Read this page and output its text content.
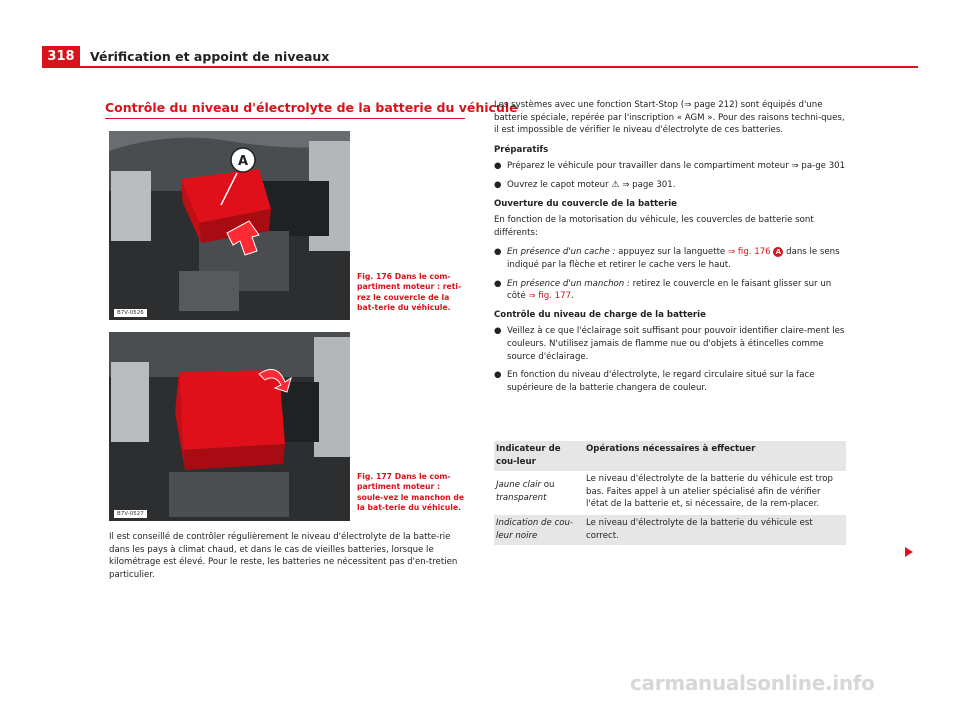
318	Vérification et appoint de niveaux
Contrôle du niveau d'électrolyte de la batterie du véhicule
A
B7V-0526
Fig. 176 Dans le com-partiment moteur : reti-rez le couvercle de la bat-terie du véhicule.
B7V-0527
Fig. 177 Dans le com-partiment moteur : soule-vez le manchon de la bat-terie du véhicule.
Il est conseillé de contrôler régulièrement le niveau d'électrolyte de la batte-rie dans les pays à climat chaud, et dans le cas de vieilles batteries, lorsque le kilométrage est élevé. Pour le reste, les batteries ne nécessitent pas d'en-tretien particulier.

Les systèmes avec une fonction Start-Stop (⇒ page 212) sont équipés d'une batterie spéciale, repérée par l'inscription « AGM ». Pour des raisons techni-ques, il est impossible de vérifier le niveau d'électrolyte de ces batteries.

Préparatifs

● Préparez le véhicule pour travailler dans le compartiment moteur ⇒ pa-ge 301
● Ouvrez le capot moteur ⚠ ⇒ page 301.

Ouverture du couvercle de la batterie

En fonction de la motorisation du véhicule, les couvercles de batterie sont différents:

● En présence d'un cache : appuyez sur la languette ⇒ fig. 176 A dans le sens indiqué par la flèche et retirer le cache vers le haut.
● En présence d'un manchon : retirez le couvercle en le faisant glisser sur un côté ⇒ fig. 177.

Contrôle du niveau de charge de la batterie

● Veillez à ce que l'éclairage soit suffisant pour pouvoir identifier claire-ment les couleurs. N'utilisez jamais de flamme nue ou d'objets à étincelles comme source d'éclairage.
● En fonction du niveau d'électrolyte, le regard circulaire situé sur la face supérieure de la batterie changera de couleur.
Indicateur de cou-leur	Opérations nécessaires à effectuer
Jaune clair ou transparent	Le niveau d'électrolyte de la batterie du véhicule est trop bas. Faites appel à un atelier spécialisé afin de vérifier l'état de la batterie et, si nécessaire, de la rem-placer.
Indication de cou-leur noire	Le niveau d'électrolyte de la batterie du véhicule est correct.
carmanualsonline.info
